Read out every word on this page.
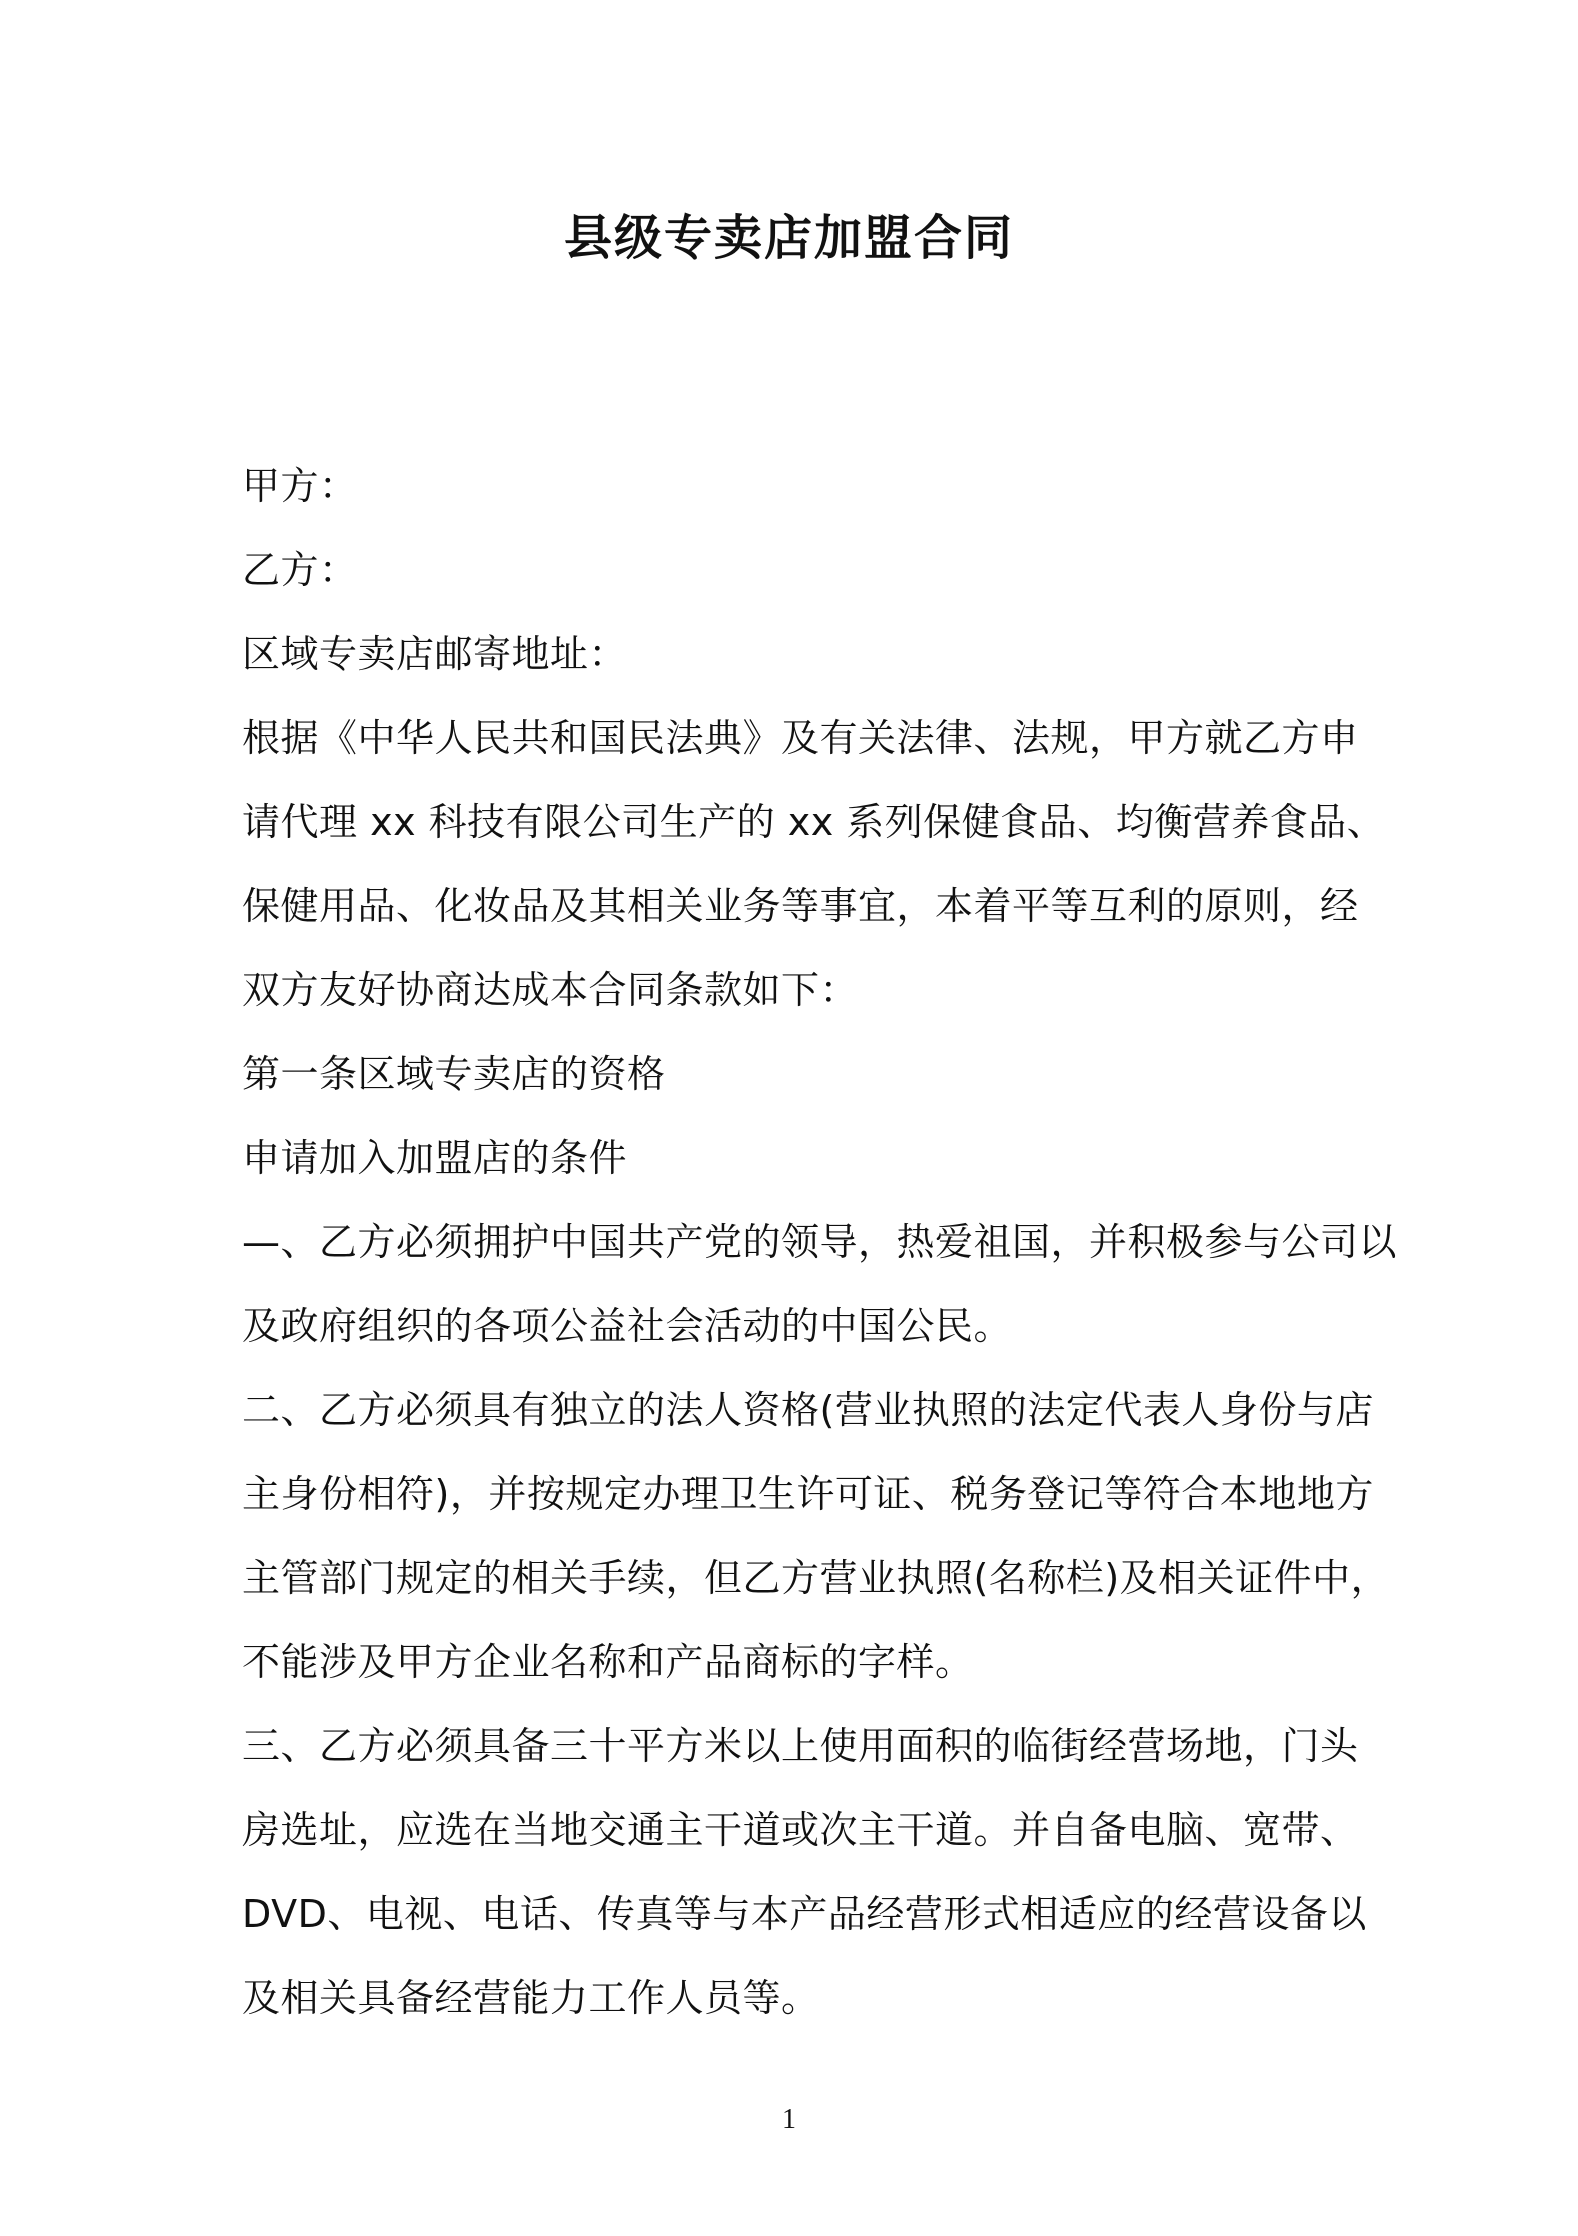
县级专卖店加盟合同
甲方：
乙方：
区域专卖店邮寄地址：
根据《中华人民共和国民法典》及有关法律、法规，甲方就乙方申
请代理 xx 科技有限公司生产的 xx 系列保健食品、均衡营养食品、
保健用品、化妆品及其相关业务等事宜，本着平等互利的原则，经
双方友好协商达成本合同条款如下：
第一条区域专卖店的资格
申请加入加盟店的条件
—、乙方必须拥护中国共产党的领导，热爱祖国，并积极参与公司以
及政府组织的各项公益社会活动的中国公民。
二、乙方必须具有独立的法人资格(营业执照的法定代表人身份与店
主身份相符)，并按规定办理卫生许可证、税务登记等符合本地地方
主管部门规定的相关手续，但乙方营业执照(名称栏)及相关证件中，
不能涉及甲方企业名称和产品商标的字样。
三、乙方必须具备三十平方米以上使用面积的临街经营场地，门头
房选址，应选在当地交通主干道或次主干道。并自备电脑、宽带、
DVD、电视、电话、传真等与本产品经营形式相适应的经营设备以
及相关具备经营能力工作人员等。
1
